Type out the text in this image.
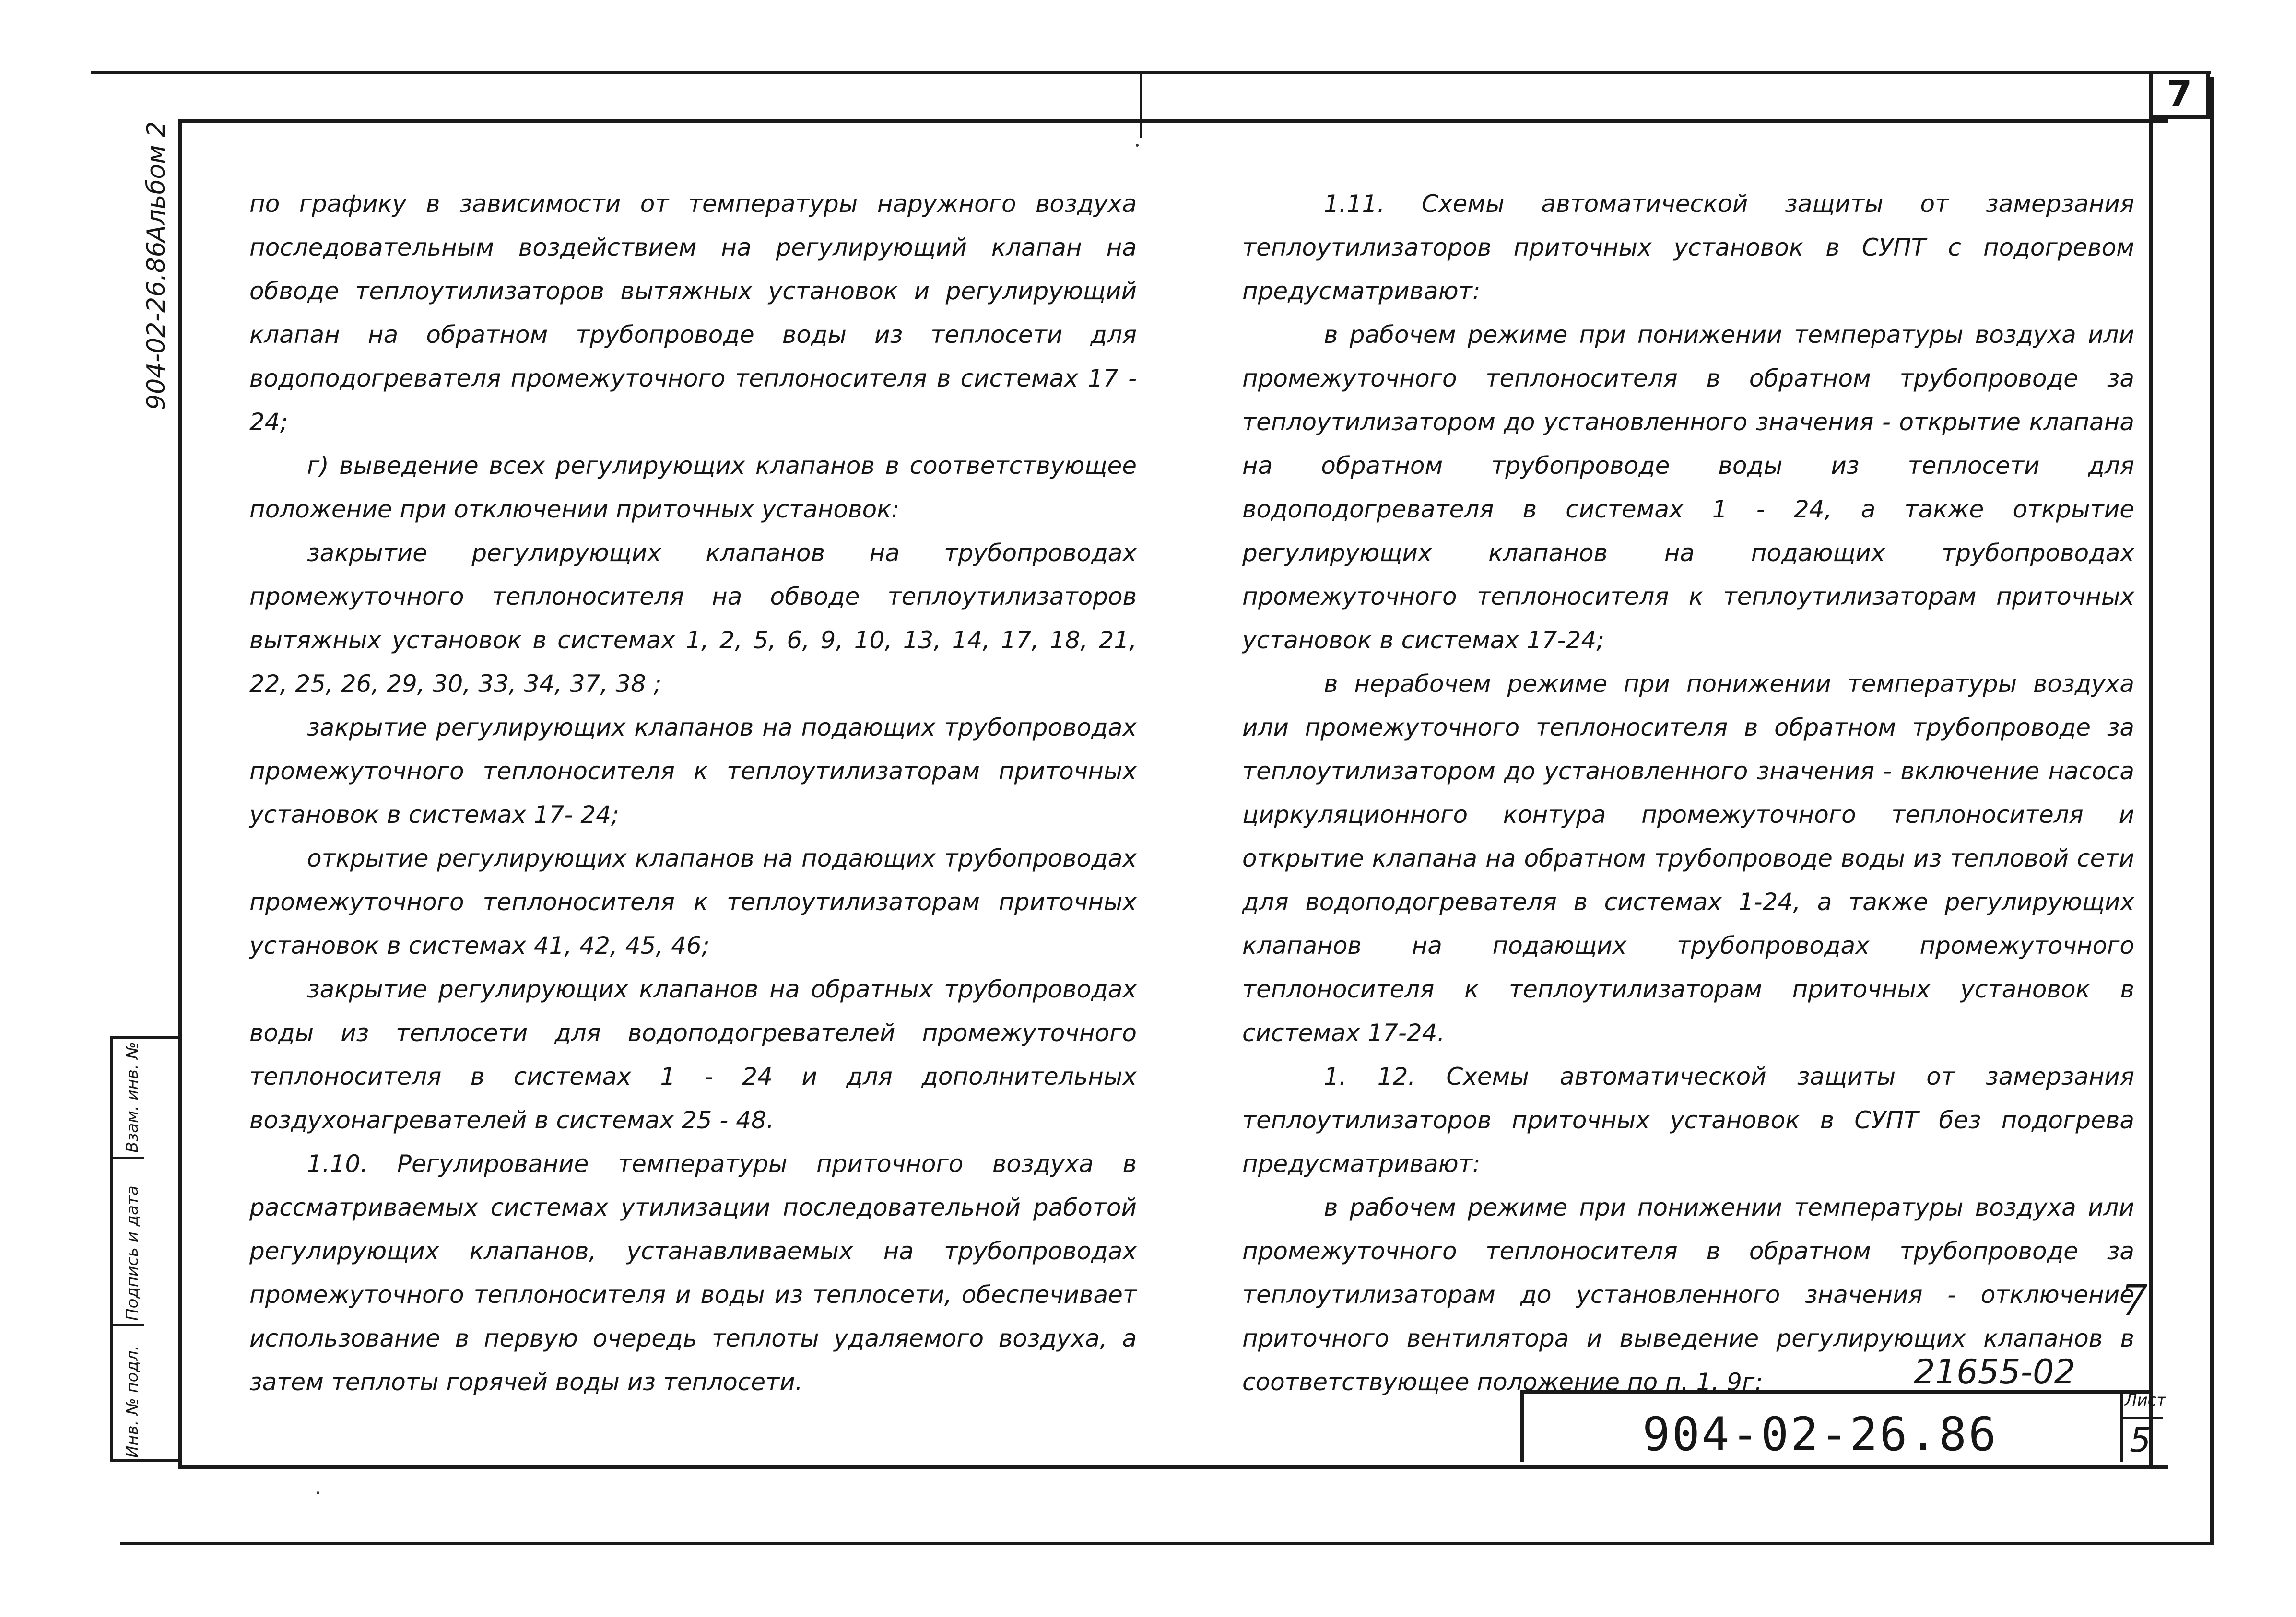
7
Альбом 2
904-02-26.86
Взам. инв. №
Подпись и дата
Инв. № подл.

по графику в зависимости от температуры наружного воздуха последовательным воздействием на регулирующий клапан на обводе теплоутилизаторов вытяжных установок и регулирующий клапан на обратном трубопроводе воды из теплосети для водоподогревателя промежуточного теплоносителя в системах 17 - 24;

г) выведение всех регулирующих клапанов в соответствующее положение при отключении приточных установок:

закрытие регулирующих клапанов на трубопроводах промежуточного теплоносителя на обводе теплоутилизаторов вытяжных установок в системах 1, 2, 5, 6, 9, 10, 13, 14, 17, 18, 21, 22, 25, 26, 29, 30, 33, 34, 37, 38 ;

закрытие регулирующих клапанов на подающих трубопроводах промежуточного теплоносителя к теплоутилизаторам приточных установок в системах 17- 24;

открытие регулирующих клапанов на подающих трубопроводах промежуточного теплоносителя к теплоутилизаторам приточных установок в системах 41, 42, 45, 46;

закрытие регулирующих клапанов на обратных трубопроводах воды из теплосети для водоподогревателей промежуточного теплоносителя в системах 1 - 24 и для дополнительных воздухонагревателей в системах 25 - 48.

1.10. Регулирование температуры приточного воздуха в рассматриваемых системах утилизации последовательной работой регулирующих клапанов, устанавливаемых на трубопроводах промежуточного теплоносителя и воды из теплосети, обеспечивает использование в первую очередь теплоты удаляемого воздуха, а затем теплоты горячей воды из теплосети.

1.11. Схемы автоматической защиты от замерзания теплоутилизаторов приточных установок в СУПТ с подогревом предусматривают:

в рабочем режиме при понижении температуры воздуха или промежуточного теплоносителя в обратном трубопроводе за теплоутилизатором до установленного значения - открытие клапана на обратном трубопроводе воды из теплосети для водоподогревателя в системах 1 - 24, а также открытие регулирующих клапанов на подающих трубопроводах промежуточного теплоносителя к теплоутилизаторам приточных установок в системах 17-24;

в нерабочем режиме при понижении температуры воздуха или промежуточного теплоносителя в обратном трубопроводе за теплоутилизатором до установленного значения - включение насоса циркуляционного контура промежуточного теплоносителя и открытие клапана на обратном трубопроводе воды из тепловой сети для водоподогревателя в системах 1-24, а также регулирующих клапанов на подающих трубопроводах промежуточного теплоносителя к теплоутилизаторам приточных установок в системах 17-24.

1. 12. Схемы автоматической защиты от замерзания теплоутилизаторов приточных установок в СУПТ без подогрева предусматривают:

в рабочем режиме при понижении температуры воздуха или промежуточного теплоносителя в обратном трубопроводе за теплоутилизаторам до установленного значения - отключение приточного вентилятора и выведение регулирующих клапанов в соответствующее положение по п. 1. 9г;

7
21655-02
904-02-26.86
Лист
5
